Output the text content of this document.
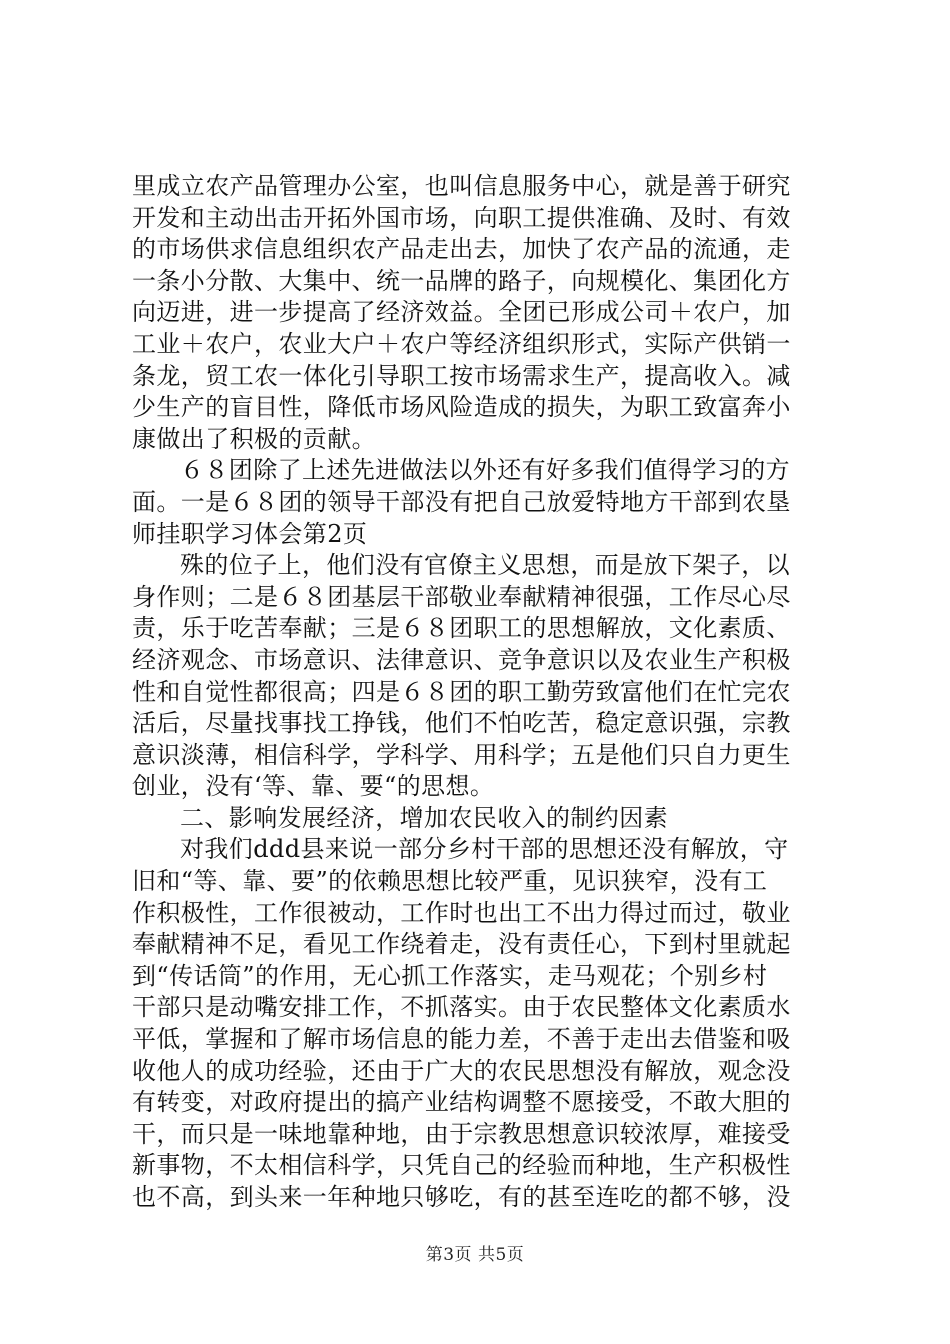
里成立农产品管理办公室，也叫信息服务中心，就是善于研究
开发和主动出击开拓外国市场，向职工提供准确、及时、有效
的市场供求信息组织农产品走出去，加快了农产品的流通，走
一条小分散、大集中、统一品牌的路子，向规模化、集团化方
向迈进，进一步提高了经济效益。全团已形成公司＋农户，加
工业＋农户，农业大户＋农户等经济组织形式，实际产供销一
条龙，贸工农一体化引导职工按市场需求生产，提高收入。减
少生产的盲目性，降低市场风险造成的损失，为职工致富奔小
康做出了积极的贡献。
６８团除了上述先进做法以外还有好多我们值得学习的方
面。一是６８团的领导干部没有把自己放爱特地方干部到农垦
师挂职学习体会第2页
殊的位子上，他们没有官僚主义思想，而是放下架子，以
身作则；二是６８团基层干部敬业奉献精神很强，工作尽心尽
责，乐于吃苦奉献；三是６８团职工的思想解放，文化素质、
经济观念、市场意识、法律意识、竞争意识以及农业生产积极
性和自觉性都很高；四是６８团的职工勤劳致富他们在忙完农
活后，尽量找事找工挣钱，他们不怕吃苦，稳定意识强，宗教
意识淡薄，相信科学，学科学、用科学；五是他们只自力更生
创业，没有‘等、靠、要“的思想。
二、影响发展经济，增加农民收入的制约因素
对我们ddd县来说一部分乡村干部的思想还没有解放，守
旧和“等、靠、要”的依赖思想比较严重，见识狭窄，没有工
作积极性，工作很被动，工作时也出工不出力得过而过，敬业
奉献精神不足，看见工作绕着走，没有责任心，下到村里就起
到“传话筒”的作用，无心抓工作落实，走马观花；个别乡村
干部只是动嘴安排工作，不抓落实。由于农民整体文化素质水
平低，掌握和了解市场信息的能力差，不善于走出去借鉴和吸
收他人的成功经验，还由于广大的农民思想没有解放，观念没
有转变，对政府提出的搞产业结构调整不愿接受，不敢大胆的
干，而只是一味地靠种地，由于宗教思想意识较浓厚，难接受
新事物，不太相信科学，只凭自己的经验而种地，生产积极性
也不高，到头来一年种地只够吃，有的甚至连吃的都不够，没
第3页 共5页
